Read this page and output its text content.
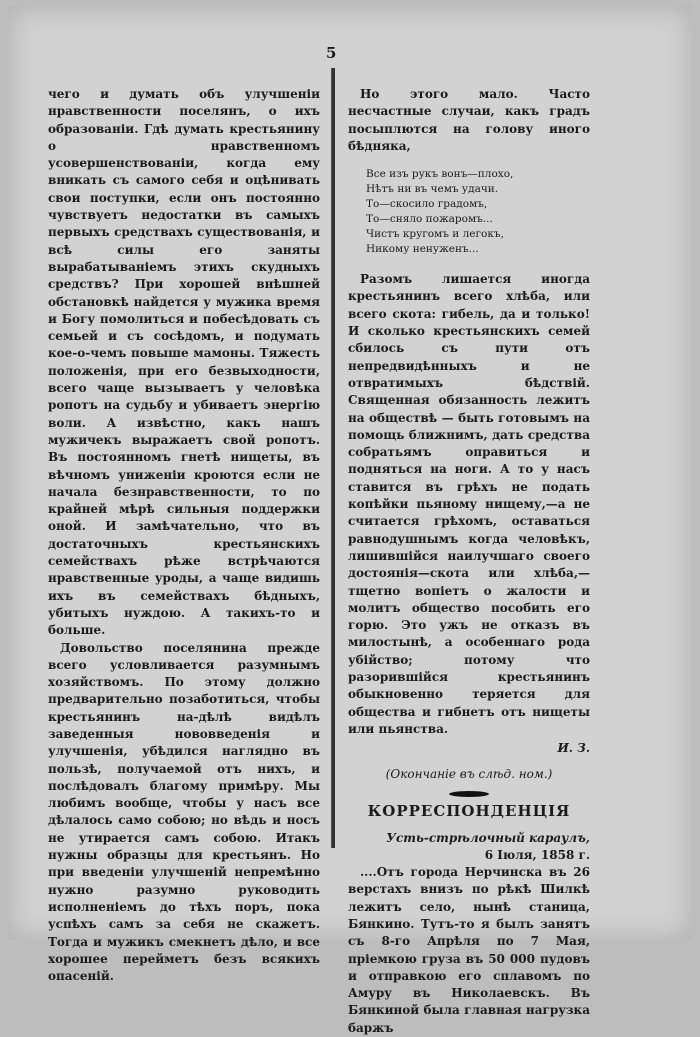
5

чего и думать объ улучшеніи нравственности поселянъ, о ихъ образованіи. Гдѣ думать крестьянину о нравственномъ усовершенствованіи, когда ему вникать съ самого себя и оцѣнивать свои поступки, если онъ постоянно чувствуетъ недостатки въ самыхъ первыхъ средствахъ существованія, и всѣ силы его заняты вырабатываніемъ этихъ скудныхъ средствъ? При хорошей внѣшней обстановкѣ найдется у мужика время и Богу помолиться и побесѣдовать съ семьей и съ сосѣдомъ, и подумать кое-о-чемъ повыше мамоны. Тяжесть положенія, при его безвыходности, всего чаще вызываетъ у человѣка ропотъ на судьбу и убиваетъ энергію воли. А извѣстно, какъ нашъ мужичекъ выражаетъ свой ропотъ. Въ постоянномъ гнетѣ нищеты, въ вѣчномъ униженіи кроются если не начала безнравственности, то по крайней мѣрѣ сильныя поддержки оной. И замѣчательно, что въ достаточныхъ крестьянскихъ семействахъ рѣже встрѣчаются нравственные уроды, а чаще видишь ихъ въ семействахъ бѣдныхъ, убитыхъ нуждою. А такихъ-то и больше.

Довольство поселянина прежде всего условливается разумнымъ хозяйствомъ. По этому должно предварительно позаботиться, чтобы крестьянинъ на-дѣлѣ видѣлъ заведенныя нововведенія и улучшенія, убѣдился наглядно въ пользѣ, получаемой отъ нихъ, и послѣдовалъ благому примѣру. Мы любимъ вообще, чтобы у насъ все дѣлалось само собою; но вѣдь и носъ не утирается самъ собою. Итакъ нужны образцы для крестьянъ. Но при введеніи улучшеній непремѣнно нужно разумно руководить исполненіемъ до тѣхъ поръ, пока успѣхъ самъ за себя не скажетъ. Тогда и мужикъ смекнетъ дѣло, и все хорошее перейметъ безъ всякихъ опасеній.

Но этого мало. Часто несчастные случаи, какъ градъ посыплются на голову иного бѣдняка,

Все изъ рукъ вонъ—плохо,
Нѣтъ ни въ чемъ удачи.
То—скосило градомъ,
То—сняло пожаромъ...
Чистъ кругомъ и легокъ,
Никому ненуженъ...

Разомъ лишается иногда крестьянинъ всего хлѣба, или всего скота: гибель, да и только! И сколько крестьянскихъ семей сбилось съ пути отъ непредвидѣнныхъ и не отвратимыхъ бѣдствій. Священная обязанность лежитъ на обществѣ — быть готовымъ на помощь ближнимъ, дать средства собратьямъ оправиться и подняться на ноги. А то у насъ ставится въ грѣхъ не подать копѣйки пьяному нищему,—а не считается грѣхомъ, оставаться равнодушнымъ когда человѣкъ, лишившійся наилучшаго своего достоянія—скота или хлѣба,—тщетно вопіетъ о жалости и молитъ общество пособить его горю. Это ужъ не отказъ въ милостынѣ, а особеннаго рода убійство; потому что разорившійся крестьянинъ обыкновенно теряется для общества и гибнетъ отъ нищеты или пьянства.

И. З.
(Окончаніе въ слѣд. ном.)
КОРРЕСПОНДЕНЦІЯ
Усть-стрѣлочный караулъ,
6 Іюля, 1858 г.

....Отъ города Нерчинска въ 26 верстахъ внизъ по рѣкѣ Шилкѣ лежитъ село, нынѣ станица, Бянкино. Тутъ-то я былъ занятъ съ 8-го Апрѣля по 7 Мая, пріемкою груза въ 50 000 пудовъ и отправкою его сплавомъ по Амуру въ Николаевскъ. Въ Бянкиной была главная нагрузка баржъ
